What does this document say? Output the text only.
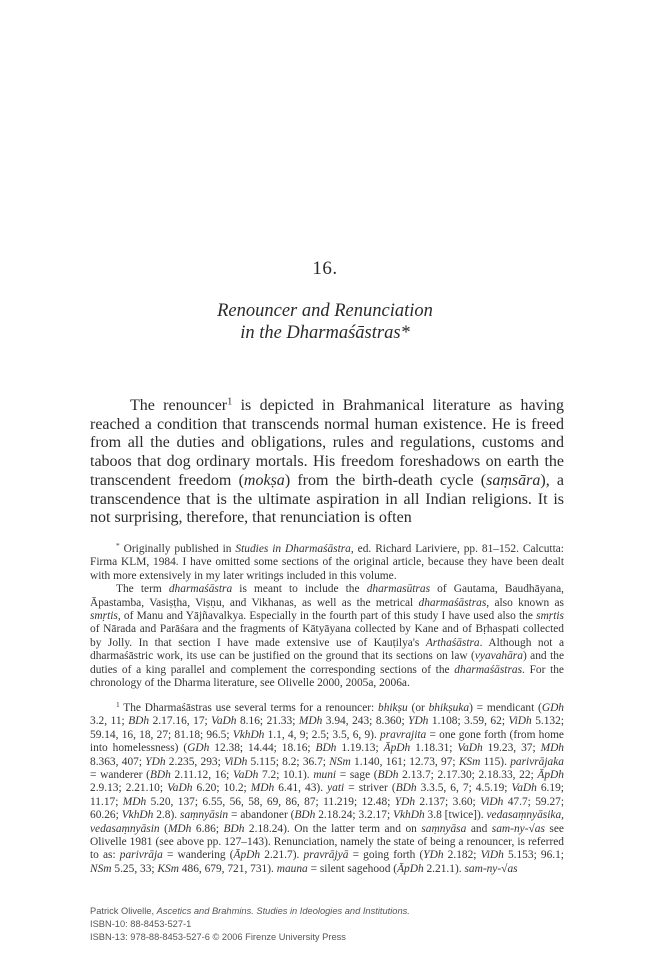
16.
Renouncer and Renunciation
in the Dharmaśāstras*

The renouncer$^1$ is depicted in Brahmanical literature as having reached a condition that transcends normal human existence. He is freed from all the duties and obligations, rules and regulations, customs and taboos that dog ordinary mortals. His freedom foreshadows on earth the transcendent freedom (mokṣa) from the birth-death cycle (saṃsāra), a transcendence that is the ultimate aspiration in all Indian religions. It is not surprising, therefore, that renunciation is often

* Originally published in Studies in Dharmaśāstra, ed. Richard Lariviere, pp. 81–152. Calcutta: Firma KLM, 1984. I have omitted some sections of the original article, because they have been dealt with more extensively in my later writings included in this volume.

The term dharmaśāstra is meant to include the dharmasūtras of Gautama, Baudhāyana, Āpastamba, Vasiṣṭha, Viṣṇu, and Vikhanas, as well as the metrical dharmaśāstras, also known as smṛtis, of Manu and Yājñavalkya. Especially in the fourth part of this study I have used also the smṛtis of Nārada and Parāśara and the fragments of Kātyāyana collected by Kane and of Bṛhaspati collected by Jolly. In that section I have made extensive use of Kauṭilya's Arthaśāstra. Although not a dharmaśāstric work, its use can be justified on the ground that its sections on law (vyavahāra) and the duties of a king parallel and complement the corresponding sections of the dharmaśāstras. For the chronology of the Dharma literature, see Olivelle 2000, 2005a, 2006a.

$^1$ The Dharmaśāstras use several terms for a renouncer: bhikṣu (or bhikṣuka) = mendicant (GDh 3.2, 11; BDh 2.17.16, 17; VaDh 8.16; 21.33; MDh 3.94, 243; 8.360; YDh 1.108; 3.59, 62; ViDh 5.132; 59.14, 16, 18, 27; 81.18; 96.5; VkhDh 1.1, 4, 9; 2.5; 3.5, 6, 9). pravrajita = one gone forth (from home into homelessness) (GDh 12.38; 14.44; 18.16; BDh 1.19.13; ĀpDh 1.18.31; VaDh 19.23, 37; MDh 8.363, 407; YDh 2.235, 293; ViDh 5.115; 8.2; 36.7; NSm 1.140, 161; 12.73, 97; KSm 115). parivrājaka = wanderer (BDh 2.11.12, 16; VaDh 7.2; 10.1). muni = sage (BDh 2.13.7; 2.17.30; 2.18.33, 22; ĀpDh 2.9.13; 2.21.10; VaDh 6.20; 10.2; MDh 6.41, 43). yati = striver (BDh 3.3.5, 6, 7; 4.5.19; VaDh 6.19; 11.17; MDh 5.20, 137; 6.55, 56, 58, 69, 86, 87; 11.219; 12.48; YDh 2.137; 3.60; ViDh 47.7; 59.27; 60.26; VkhDh 2.8). saṃnyāsin = abandoner (BDh 2.18.24; 3.2.17; VkhDh 3.8 [twice]). vedasaṃnyāsika, vedasaṃnyāsin (MDh 6.86; BDh 2.18.24). On the latter term and on saṃnyāsa and sam-ny-√as see Olivelle 1981 (see above pp. 127–143). Renunciation, namely the state of being a renouncer, is referred to as: parivrāja = wandering (ĀpDh 2.21.7). pravrājyā = going forth (YDh 2.182; ViDh 5.153; 96.1; NSm 5.25, 33; KSm 486, 679, 721, 731). mauna = silent sagehood (ĀpDh 2.21.1). sam-ny-√as

Patrick Olivelle, Ascetics and Brahmins. Studies in Ideologies and Institutions.
ISBN-10: 88-8453-527-1
ISBN-13: 978-88-8453-527-6 © 2006 Firenze University Press
